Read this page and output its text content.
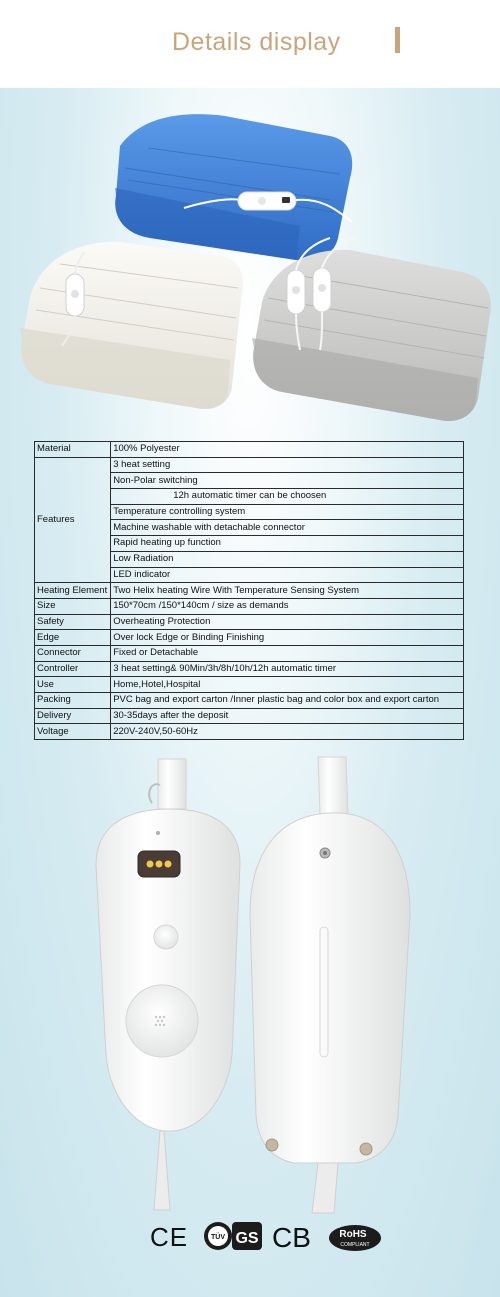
Details display
Material	100% Polyester
Features	3 heat setting
	Non-Polar switching
	12h automatic timer can be choosen
	Temperature controlling system
	Machine washable with detachable connector
	Rapid heating up function
	Low Radiation
	LED indicator
Heating Element	Two Helix heating Wire With Temperature Sensing System
Size	150*70cm /150*140cm / size as demands
Safety	Overheating Protection
Edge	Over lock Edge or Binding Finishing
Connector	Fixed or Detachable
Controller	3 heat setting& 90Min/3h/8h/10h/12h automatic timer
Use	Home,Hotel,Hospital
Packing	PVC bag and export carton /Inner plastic bag and color box and export carton
Delivery	30-35days after the deposit
Voltage	220V-240V,50-60Hz
CE	TÜV GS CB	RoHS
COMPLIANT
